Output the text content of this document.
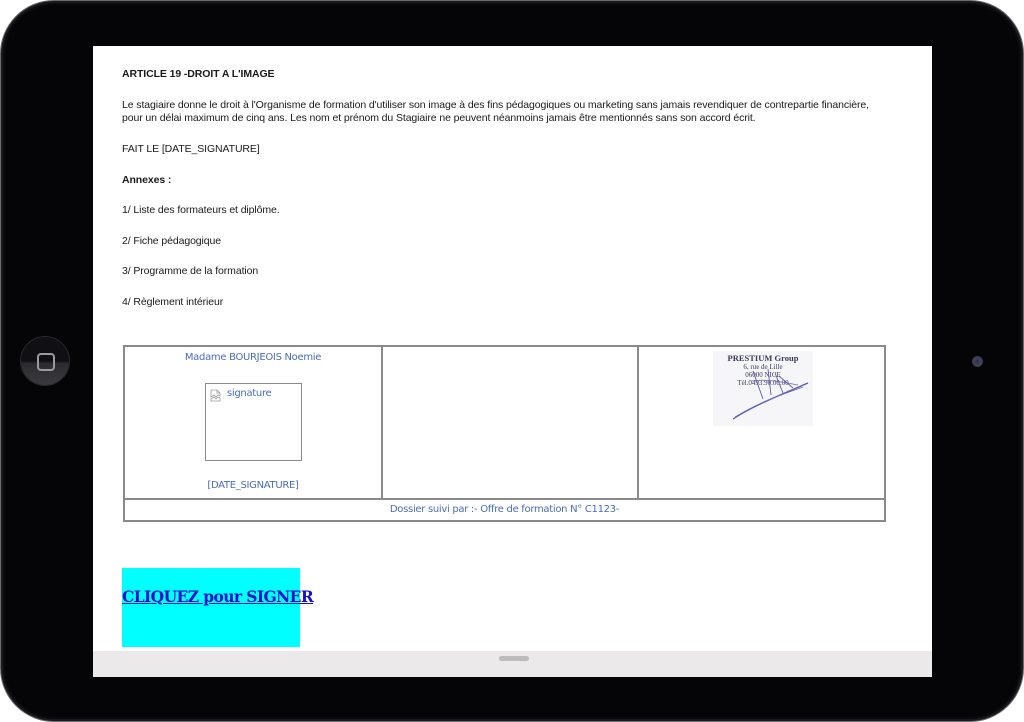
ARTICLE 19 -DROIT A L'IMAGE

Le stagiaire donne le droit à l'Organisme de formation d'utiliser son image à des fins pédagogiques ou marketing sans jamais revendiquer de contrepartie financière,

pour un délai maximum de cinq ans. Les nom et prénom du Stagiaire ne peuvent néanmoins jamais être mentionnés sans son accord écrit.

FAIT LE [DATE_SIGNATURE]

Annexes :

1/ Liste des formateurs et diplôme.

2/ Fiche pédagogique

3/ Programme de la formation

4/ Règlement intérieur

Madame BOURJEOIS Noemie
signature
[DATE_SIGNATURE]
PRESTIUM Group
6, rue de Lille
06000 NICE
Tél.0493.90.00.00
Dossier suivi par :- Offre de formation N° C1123-
CLIQUEZ pour SIGNER
